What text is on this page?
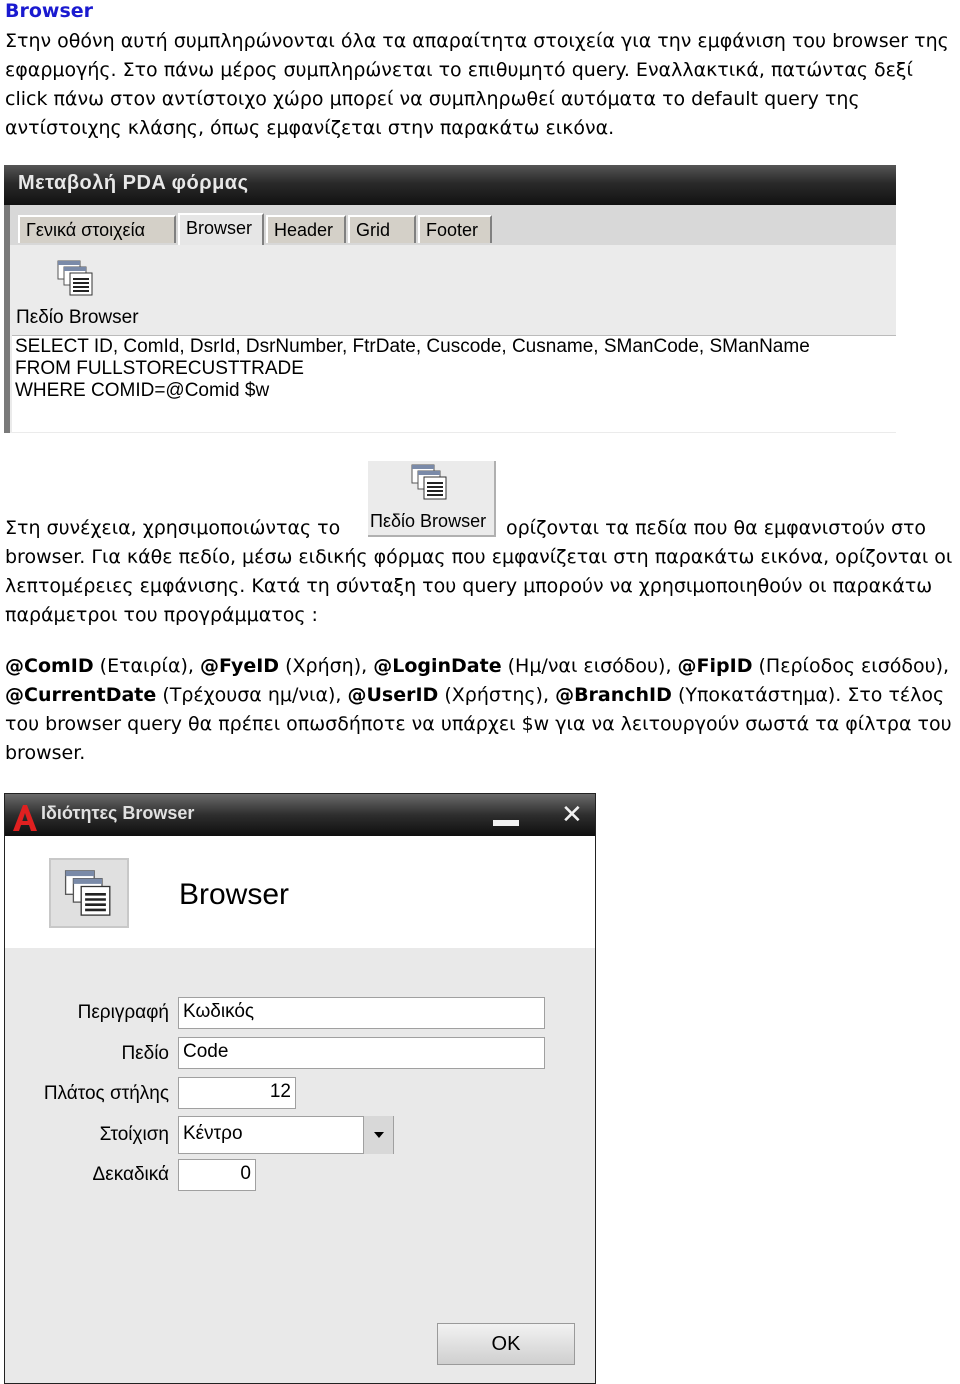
Browser
Στην οθόνη αυτή συμπληρώνονται όλα τα απαραίτητα στοιχεία για την εμφάνιση του browser της εφαρμογής. Στο πάνω μέρος συμπληρώνεται το επιθυμητό query. Εναλλακτικά, πατώντας δεξί click πάνω στον αντίστοιχο χώρο μπορεί να συμπληρωθεί αυτόματα το default query της αντίστοιχης κλάσης, όπως εμφανίζεται στην παρακάτω εικόνα.
Μεταβολή PDA φόρμας
Γενικά στοιχεία	Browser	Header	Grid	Footer
Πεδίο Browser
SELECT ID, ComId, DsrId, DsrNumber, FtrDate, Cuscode, Cusname, SManCode, SManName
FROM FULLSTORECUSTTRADE
WHERE COMID=@Comid $w
Στη συνέχεια, χρησιμοποιώντας το Πεδίο Browser ορίζονται τα πεδία που θα εμφανιστούν στο
browser. Για κάθε πεδίο, μέσω ειδικής φόρμας που εμφανίζεται στη παρακάτω εικόνα, ορίζονται οι λεπτομέρειες εμφάνισης. Κατά τη σύνταξη του query μπορούν να χρησιμοποιηθούν οι παρακάτω παράμετροι του προγράμματος :
@ComID (Εταιρία), @FyeID (Χρήση), @LoginDate (Ημ/ναι εισόδου), @FipID (Περίοδος εισόδου), @CurrentDate (Τρέχουσα ημ/νια), @UserID (Χρήστης), @BranchID (Υποκατάστημα). Στο τέλος του browser query θα πρέπει οπωσδήποτε να υπάρχει $w για να λειτουργούν σωστά τα φίλτρα του browser.
Ιδιότητες Browser	✕
Browser
Περιγραφή Κωδικός
Πεδίο Code
Πλάτος στήλης	12
Στοίχιση Κέντρο
Δεκαδικά	0
OK
